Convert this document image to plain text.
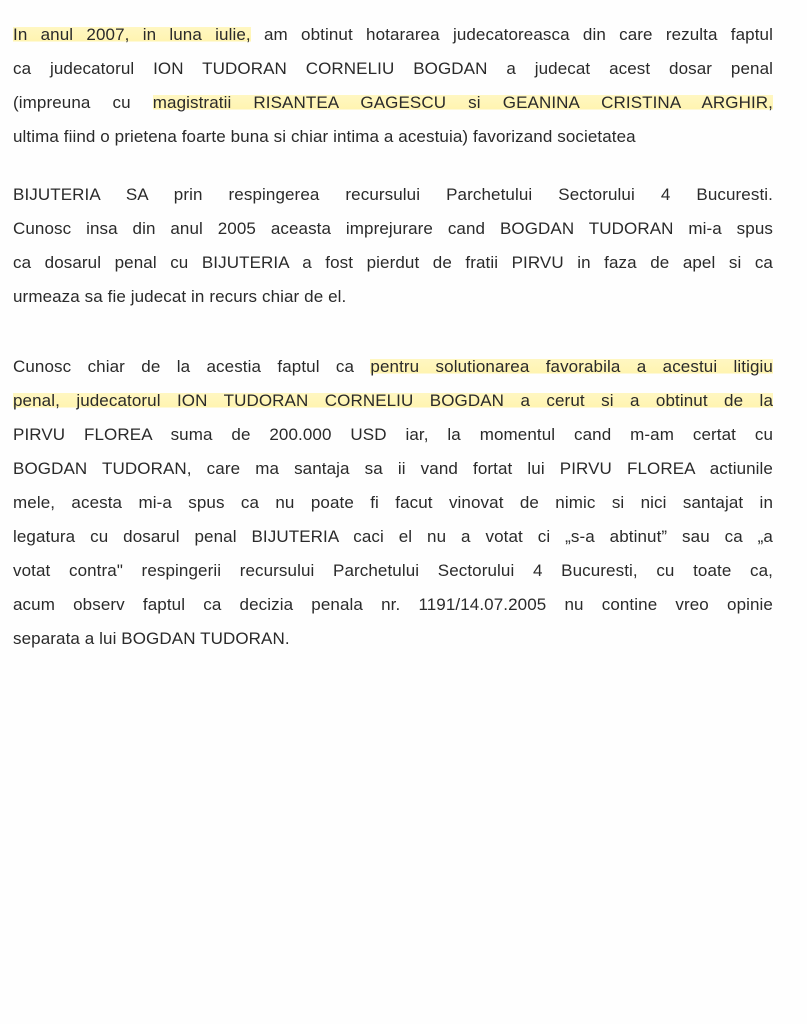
In anul 2007, in luna iulie, am obtinut hotararea judecatoreasca din care rezulta faptul
ca judecatorul ION TUDORAN CORNELIU BOGDAN a judecat acest dosar penal
(impreuna cu magistratii RISANTEA GAGESCU si GEANINA CRISTINA ARGHIR,
ultima fiind o prietena foarte buna si chiar intima a acestuia) favorizand societatea
BIJUTERIA SA prin respingerea recursului Parchetului Sectorului 4 Bucuresti.
Cunosc insa din anul 2005 aceasta imprejurare cand BOGDAN TUDORAN mi-a spus
ca dosarul penal cu BIJUTERIA a fost pierdut de fratii PIRVU in faza de apel si ca
urmeaza sa fie judecat in recurs chiar de el.
Cunosc chiar de la acestia faptul ca pentru solutionarea favorabila a acestui litigiu
penal, judecatorul ION TUDORAN CORNELIU BOGDAN a cerut si a obtinut de la
PIRVU FLOREA suma de 200.000 USD iar, la momentul cand m-am certat cu
BOGDAN TUDORAN, care ma santaja sa ii vand fortat lui PIRVU FLOREA actiunile
mele, acesta mi-a spus ca nu poate fi facut vinovat de nimic si nici santajat in
legatura cu dosarul penal BIJUTERIA caci el nu a votat ci „s-a abtinut” sau ca „a
votat contra" respingerii recursului Parchetului Sectorului 4 Bucuresti, cu toate ca,
acum observ faptul ca decizia penala nr. 1191/14.07.2005 nu contine vreo opinie
separata a lui BOGDAN TUDORAN.
